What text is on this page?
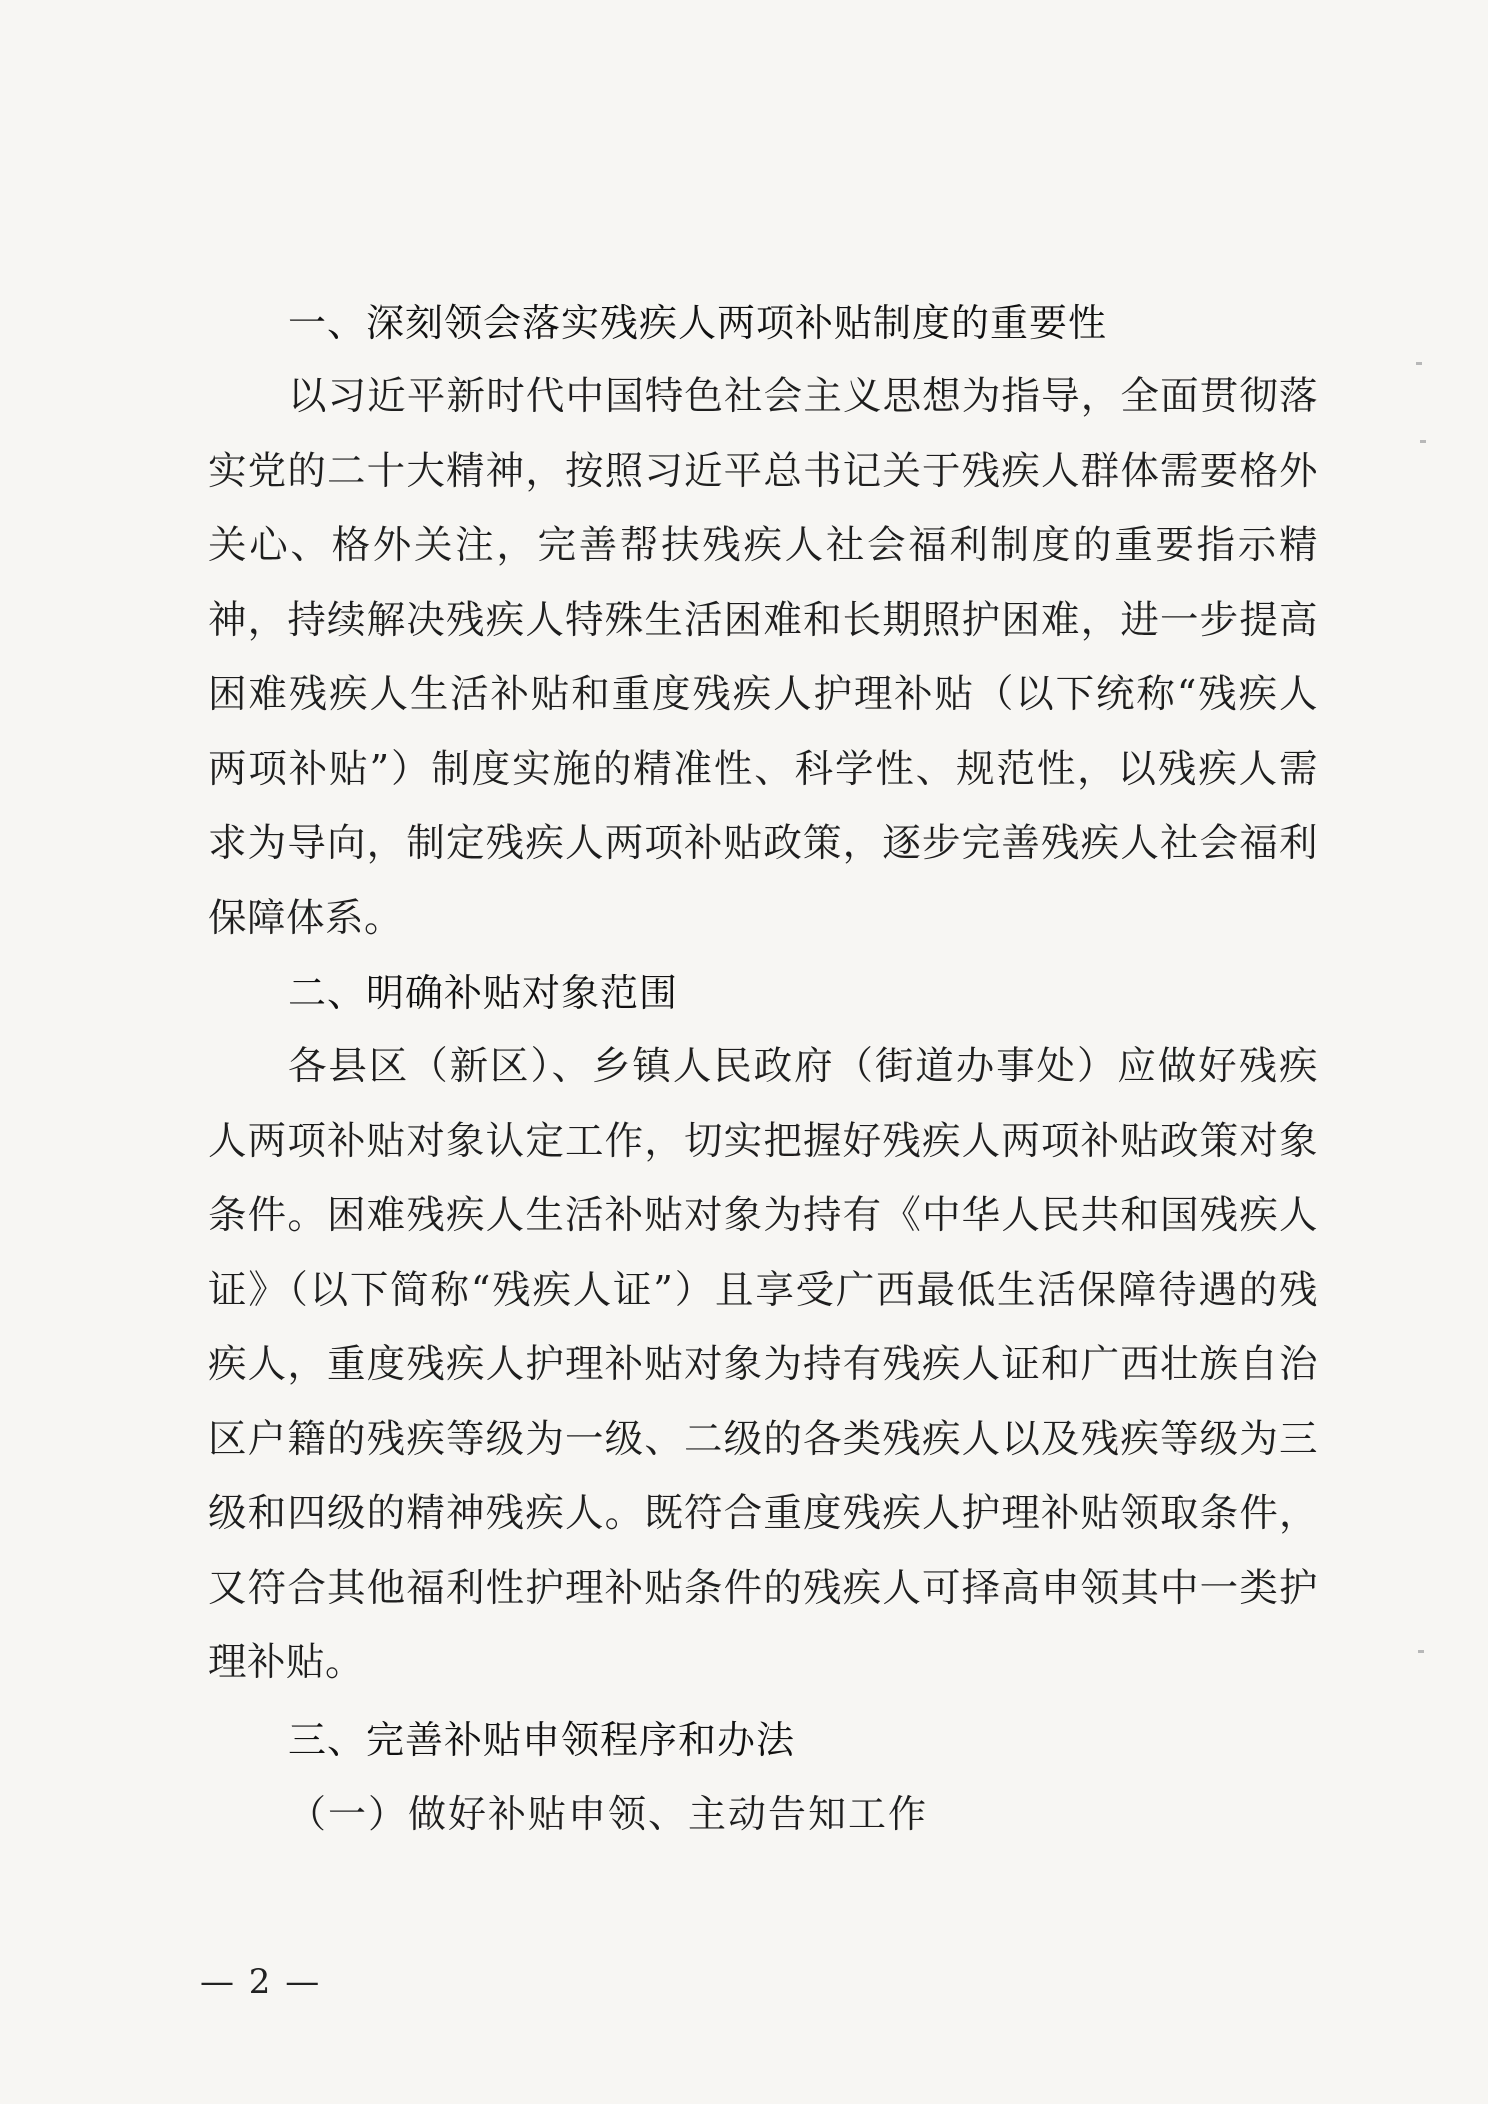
一、深刻领会落实残疾人两项补贴制度的重要性

以习近平新时代中国特色社会主义思想为指导，全面贯彻落实党的二十大精神，按照习近平总书记关于残疾人群体需要格外关心、格外关注，完善帮扶残疾人社会福利制度的重要指示精神，持续解决残疾人特殊生活困难和长期照护困难，进一步提高困难残疾人生活补贴和重度残疾人护理补贴（以下统称“残疾人两项补贴”）制度实施的精准性、科学性、规范性，以残疾人需求为导向，制定残疾人两项补贴政策，逐步完善残疾人社会福利保障体系。

二、明确补贴对象范围

各县区（新区）、乡镇人民政府（街道办事处）应做好残疾人两项补贴对象认定工作，切实把握好残疾人两项补贴政策对象条件。困难残疾人生活补贴对象为持有《中华人民共和国残疾人证》（以下简称“残疾人证”）且享受广西最低生活保障待遇的残疾人，重度残疾人护理补贴对象为持有残疾人证和广西壮族自治区户籍的残疾等级为一级、二级的各类残疾人以及残疾等级为三级和四级的精神残疾人。既符合重度残疾人护理补贴领取条件，又符合其他福利性护理补贴条件的残疾人可择高申领其中一类护理补贴。

三、完善补贴申领程序和办法

（一）做好补贴申领、主动告知工作

— 2 —
